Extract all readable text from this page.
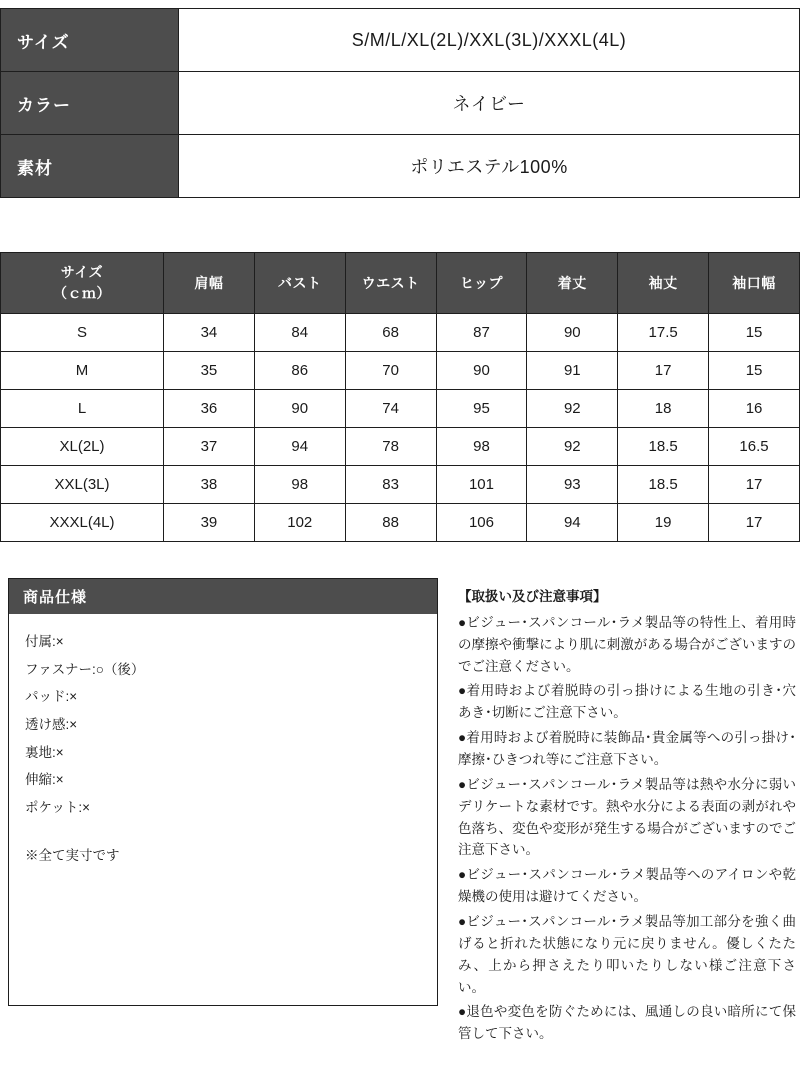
サイズ	S/M/L/XL(2L)/XXL(3L)/XXXL(4L)
カラー	ネイビー
素材	ポリエステル100%
サイズ
（ｃｍ）	肩幅	バスト	ウエスト	ヒップ	着丈	袖丈	袖口幅
S	34	84	68	87	90	17.5	15
M	35	86	70	90	91	17	15
L	36	90	74	95	92	18	16
XL(2L)	37	94	78	98	92	18.5	16.5
XXL(3L)	38	98	83	101	93	18.5	17
XXXL(4L)	39	102	88	106	94	19	17
商品仕様
付属:×
ファスナー:○（後）
パッド:×
透け感:×
裏地:×
伸縮:×
ポケット:×
※全て実寸です
【取扱い及び注意事項】
●ビジュー･スパンコール･ラメ製品等の特性上、着用時の摩擦や衝撃により肌に刺激がある場合がございますのでご注意ください。
●着用時および着脱時の引っ掛けによる生地の引き･穴あき･切断にご注意下さい。
●着用時および着脱時に装飾品･貴金属等への引っ掛け･摩擦･ひきつれ等にご注意下さい。
●ビジュー･スパンコール･ラメ製品等は熱や水分に弱いデリケートな素材です。熱や水分による表面の剥がれや色落ち、変色や変形が発生する場合がございますのでご注意下さい。
●ビジュー･スパンコール･ラメ製品等へのアイロンや乾燥機の使用は避けてください。
●ビジュー･スパンコール･ラメ製品等加工部分を強く曲げると折れた状態になり元に戻りません。優しくたたみ、上から押さえたり叩いたりしない様ご注意下さい。
●退色や変色を防ぐためには、風通しの良い暗所にて保管して下さい。
